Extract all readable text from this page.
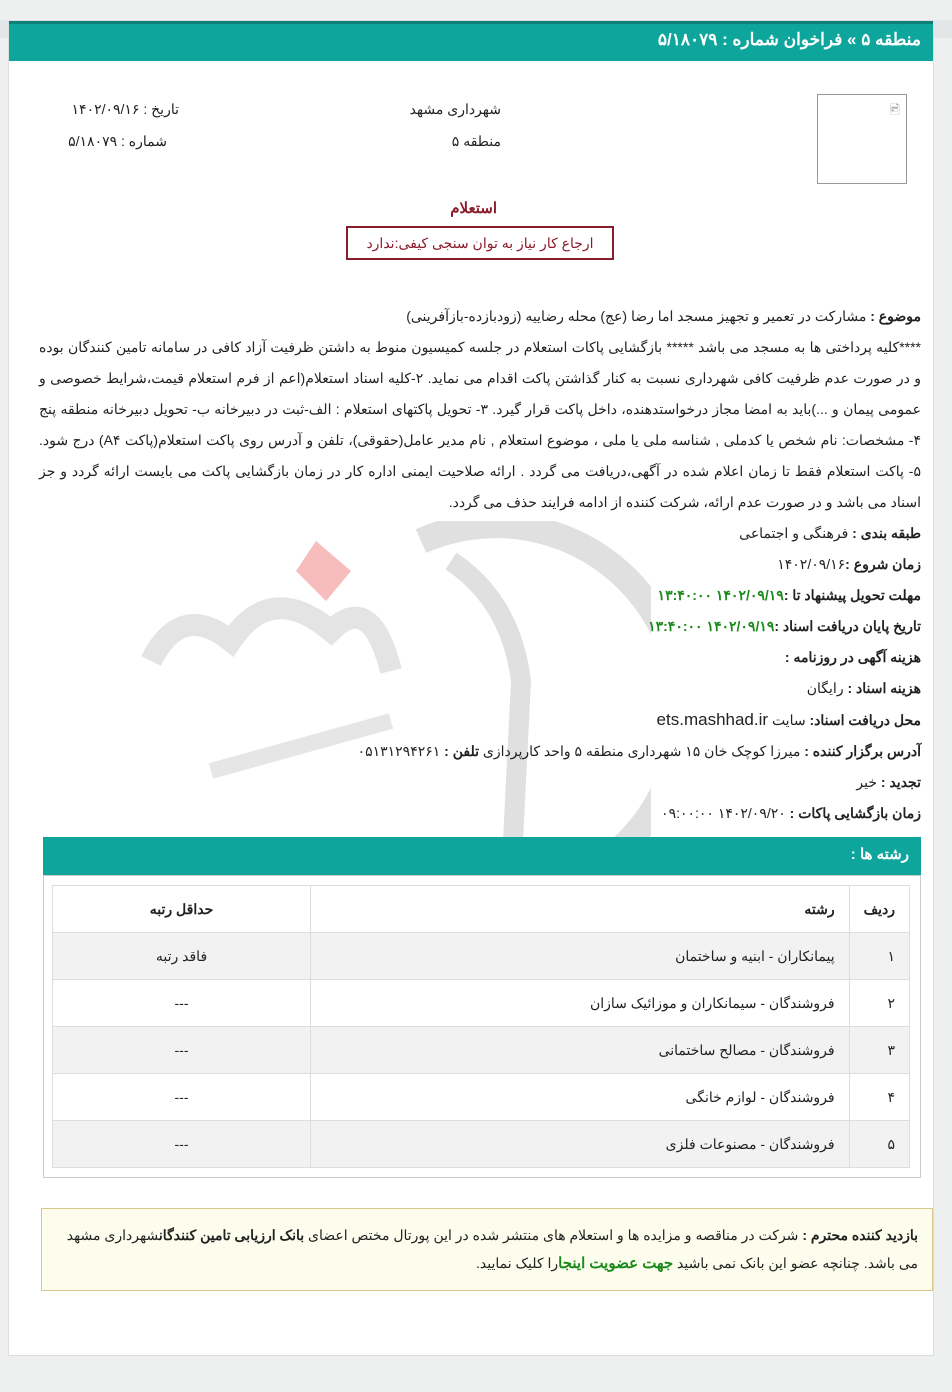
منطقه ۵ » فراخوان شماره : ۵/۱۸۰۷۹
🖻
شهرداری مشهد
منطقه ۵
تاریخ : ۱۴۰۲/۰۹/۱۶
شماره : ۵/۱۸۰۷۹
استعلام
ارجاع کار نیاز به توان سنجی کیفی:ندارد
موضوع : مشارکت در تعمیر و تجهیز مسجد اما رضا (عج) محله رضاییه (زودبازده-بازآفرینی)
****کلیه پرداختی ها به مسجد می باشد ***** بازگشایی پاکات استعلام در جلسه کمیسیون منوط به داشتن ظرفیت آزاد کافی در سامانه تامین کنندگان بوده و در صورت عدم ظرفیت کافی شهرداری نسبت به کنار گذاشتن پاکت اقدام می نماید. ۲-کلیه اسناد استعلام(اعم از فرم استعلام قیمت،شرایط خصوصی و عمومی پیمان و ...)باید به امضا مجاز درخواستدهنده، داخل پاکت قرار گیرد. ۳- تحویل پاکتهای استعلام : الف-ثبت در دبیرخانه ب- تحویل دبیرخانه منطقه پنج ۴- مشخصات: نام شخص یا کدملی , شناسه ملی یا ملی ، موضوع استعلام , نام مدیر عامل(حقوقی)، تلفن و آدرس روی پاکت استعلام(پاکت A۴) درج شود. ۵- پاکت استعلام فقط تا زمان اعلام شده در آگهی،دریافت می گردد . ارائه صلاحیت ایمنی اداره کار در زمان بازگشایی پاکت می بایست ارائه گردد و جز اسناد می باشد و در صورت عدم ارائه، شرکت کننده از ادامه فرایند حذف می گردد.
طبقه بندی : فرهنگی و اجتماعی
زمان شروع :۱۴۰۲/۰۹/۱۶
مهلت تحویل پیشنهاد تا :۱۴۰۲/۰۹/۱۹ ۱۳:۴۰:۰۰
تاریخ پایان دریافت اسناد :۱۴۰۲/۰۹/۱۹ ۱۳:۴۰:۰۰
هزینه آگهی در روزنامه :
هزینه اسناد : رایگان
محل دریافت اسناد: سایت ets.mashhad.ir
آدرس برگزار کننده : میرزا کوچک خان ۱۵ شهرداری منطقه ۵ واحد کارپردازی تلفن : ۰۵۱۳۱۲۹۴۲۶۱
تجدید : خیر
زمان بازگشایی پاکات : ۱۴۰۲/۰۹/۲۰ ۰۹:۰۰:۰۰
رشته ها :
ردیف	رشته	حداقل رتبه
۱	پیمانکاران - ابنیه و ساختمان	فاقد رتبه
۲	فروشندگان - سیمانکاران و موزائیک سازان	---
۳	فروشندگان - مصالح ساختمانی	---
۴	فروشندگان - لوازم خانگی	---
۵	فروشندگان - مصنوعات فلزی	---
بازدید کننده محترم : شرکت در مناقصه و مزایده ها و استعلام های منتشر شده در این پورتال مختص اعضای بانک ارزیابی تامین کنندگانشهرداری مشهد می باشد. چنانچه عضو این بانک نمی باشید جهت عضویت اینجارا کلیک نمایید.
